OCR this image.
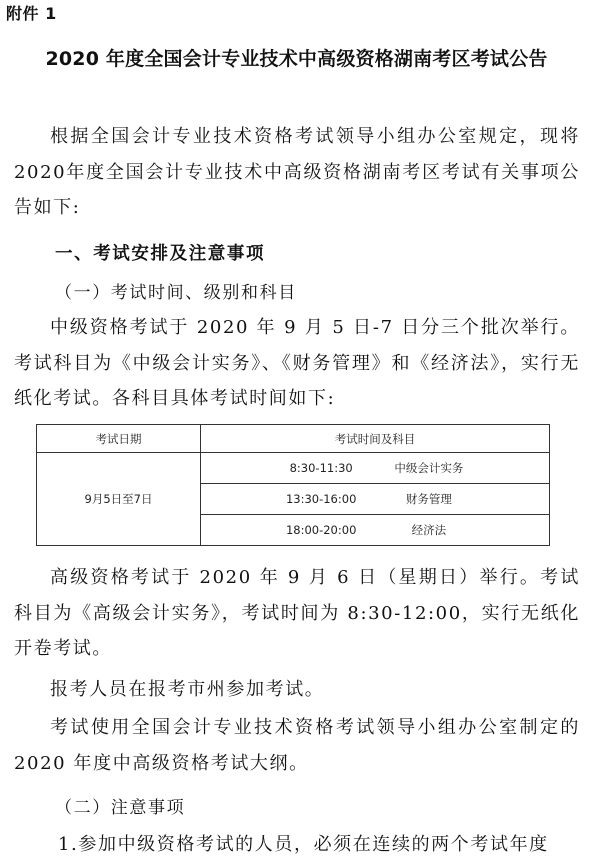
附件 1
2020 年度全国会计专业技术中高级资格湖南考区考试公告
根据全国会计专业技术资格考试领导小组办公室规定，现将2020年度全国会计专业技术中高级资格湖南考区考试有关事项公告如下:
一、考试安排及注意事项
（一）考试时间、级别和科目
中级资格考试于 2020 年 9 月 5 日-7 日分三个批次举行。考试科目为《中级会计实务》、《财务管理》和《经济法》，实行无纸化考试。各科目具体考试时间如下:
考试日期	考试时间及科目
9月5日至7日	8:30-11:30 中级会计实务
	13:30-16:00 财务管理
	18:00-20:00 经济法
高级资格考试于 2020 年 9 月 6 日（星期日）举行。考试科目为《高级会计实务》，考试时间为 8:30-12:00，实行无纸化开卷考试。
报考人员在报考市州参加考试。
考试使用全国会计专业技术资格考试领导小组办公室制定的 2020 年度中高级资格考试大纲。
（二）注意事项
1.参加中级资格考试的人员，必须在连续的两个考试年度
